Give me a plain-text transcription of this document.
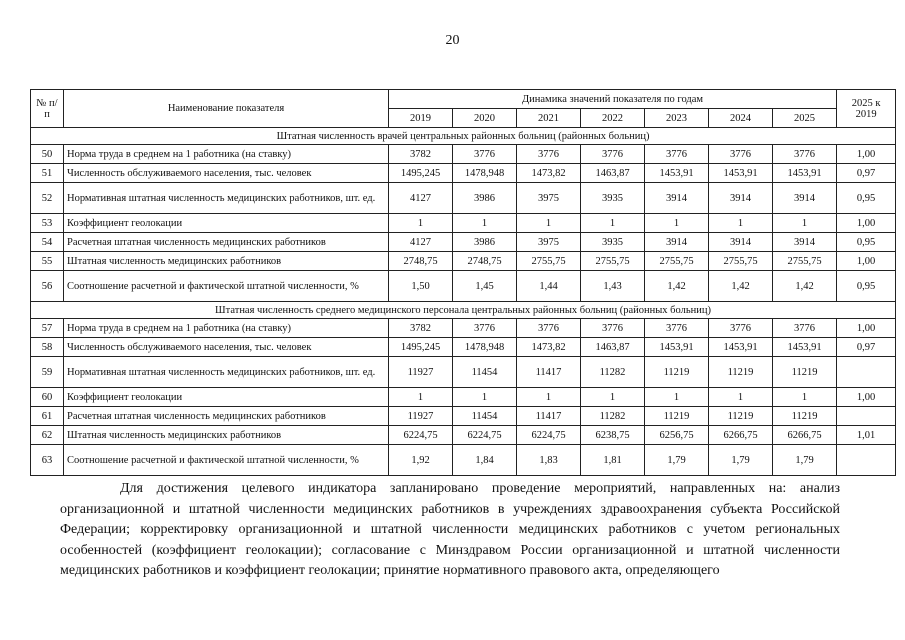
20
№ п/п	Наименование показателя	Динамика значений показателя по годам							2025 к 2019
		2019	2020	2021	2022	2023	2024	2025	
Штатная численность врачей центральных районных больниц (районных больниц)									
50	Норма труда в среднем на 1 работника (на ставку)	3782	3776	3776	3776	3776	3776	3776	1,00
51	Численность обслуживаемого населения, тыс. человек	1495,245	1478,948	1473,82	1463,87	1453,91	1453,91	1453,91	0,97
52	Нормативная штатная численность медицинских работников, шт. ед.	4127	3986	3975	3935	3914	3914	3914	0,95
53	Коэффициент геолокации	1	1	1	1	1	1	1	1,00
54	Расчетная штатная численность медицинских работников	4127	3986	3975	3935	3914	3914	3914	0,95
55	Штатная численность медицинских работников	2748,75	2748,75	2755,75	2755,75	2755,75	2755,75	2755,75	1,00
56	Соотношение расчетной и фактической штатной численности, %	1,50	1,45	1,44	1,43	1,42	1,42	1,42	0,95
Штатная численность среднего медицинского персонала центральных районных больниц (районных больниц)									
57	Норма труда в среднем на 1 работника (на ставку)	3782	3776	3776	3776	3776	3776	3776	1,00
58	Численность обслуживаемого населения, тыс. человек	1495,245	1478,948	1473,82	1463,87	1453,91	1453,91	1453,91	0,97
59	Нормативная штатная численность медицинских работников, шт. ед.	11927	11454	11417	11282	11219	11219	11219	
60	Коэффициент геолокации	1	1	1	1	1	1	1	1,00
61	Расчетная штатная численность медицинских работников	11927	11454	11417	11282	11219	11219	11219	
62	Штатная численность медицинских работников	6224,75	6224,75	6224,75	6238,75	6256,75	6266,75	6266,75	1,01
63	Соотношение расчетной и фактической штатной численности, %	1,92	1,84	1,83	1,81	1,79	1,79	1,79	
Для достижения целевого индикатора запланировано проведение мероприятий, направленных на: анализ организационной и штатной численности медицинских работников в учреждениях здравоохранения субъекта Российской Федерации; корректировку организационной и штатной численности медицинских работников с учетом региональных особенностей (коэффициент геолокации); согласование с Минздравом России организационной и штатной численности медицинских работников и коэффициент геолокации; принятие нормативного правового акта, определяющего
